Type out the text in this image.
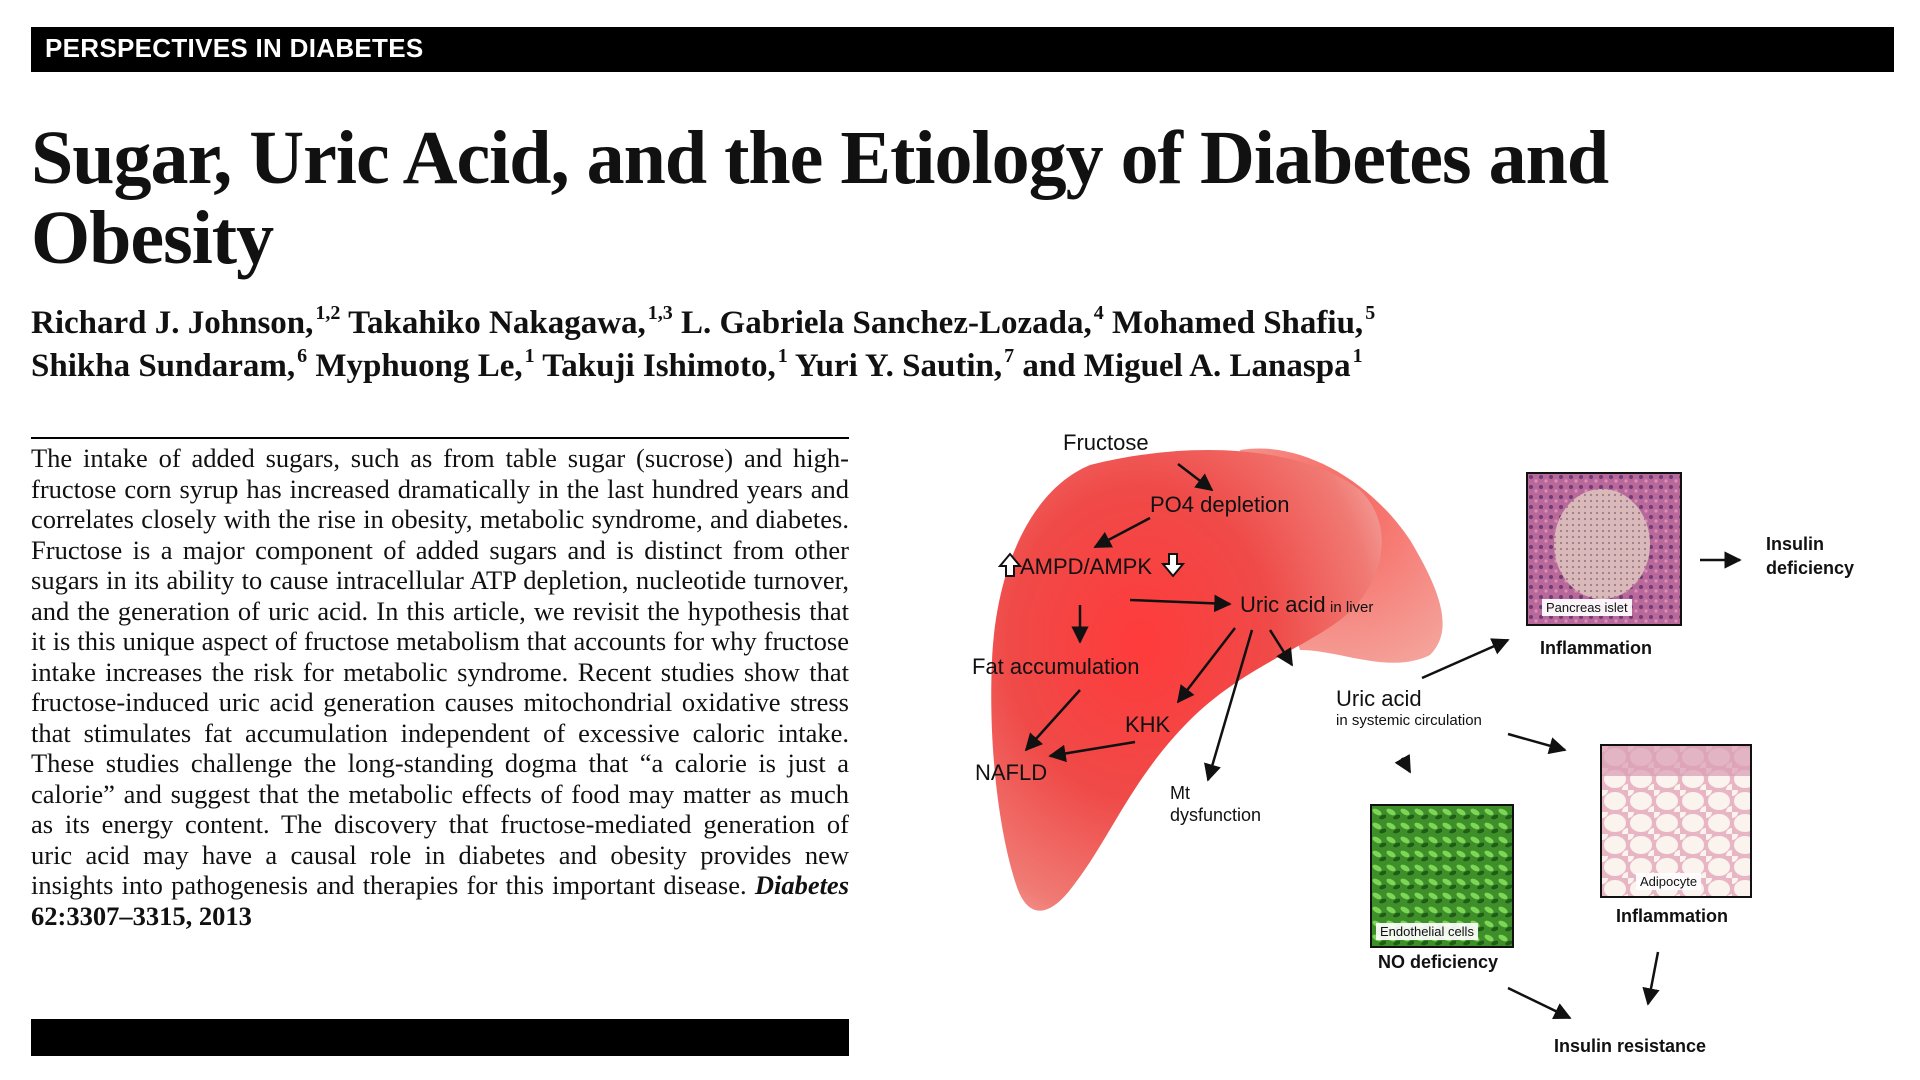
PERSPECTIVES IN DIABETES
Sugar, Uric Acid, and the Etiology of Diabetes and Obesity
Richard J. Johnson, $^{1,2}$ Takahiko Nakagawa, $^{1,3}$ L. Gabriela Sanchez-Lozada, $^4$ Mohamed Shafiu, $^5$
Shikha Sundaram, $^6$ Myphuong Le, $^1$ Takuji Ishimoto, $^1$ Yuri Y. Sautin, $^7$ and Miguel A. Lanaspa $^1$

The intake of added sugars, such as from table sugar (sucrose) and high-fructose corn syrup has increased dramatically in the last hundred years and correlates closely with the rise in obesity, metabolic syndrome, and diabetes. Fructose is a major component of added sugars and is distinct from other sugars in its ability to cause intracellular ATP depletion, nucleotide turnover, and the generation of uric acid. In this article, we revisit the hypothesis that it is this unique aspect of fructose metabolism that accounts for why fructose intake increases the risk for metabolic syndrome. Recent studies show that fructose-induced uric acid generation causes mitochondrial oxidative stress that stimulates fat accumulation independent of excessive caloric intake. These studies challenge the long-standing dogma that “a calorie is just a calorie” and suggest that the metabolic effects of food may matter as much as its energy content. The discovery that fructose-mediated generation of uric acid may have a causal role in diabetes and obesity provides new insights into pathogenesis and therapies for this important disease. Diabetes 62:3307–3315, 2013

Pancreas islet
Adipocyte
Endothelial cells
Fructose
PO4 depletion
AMPD/AMPK
Uric acid in liver
Fat accumulation
KHK
NAFLD
Mt
dysfunction
Uric acid
in systemic circulation
Inflammation
Insulin
deficiency
Inflammation
NO deficiency
Insulin resistance
